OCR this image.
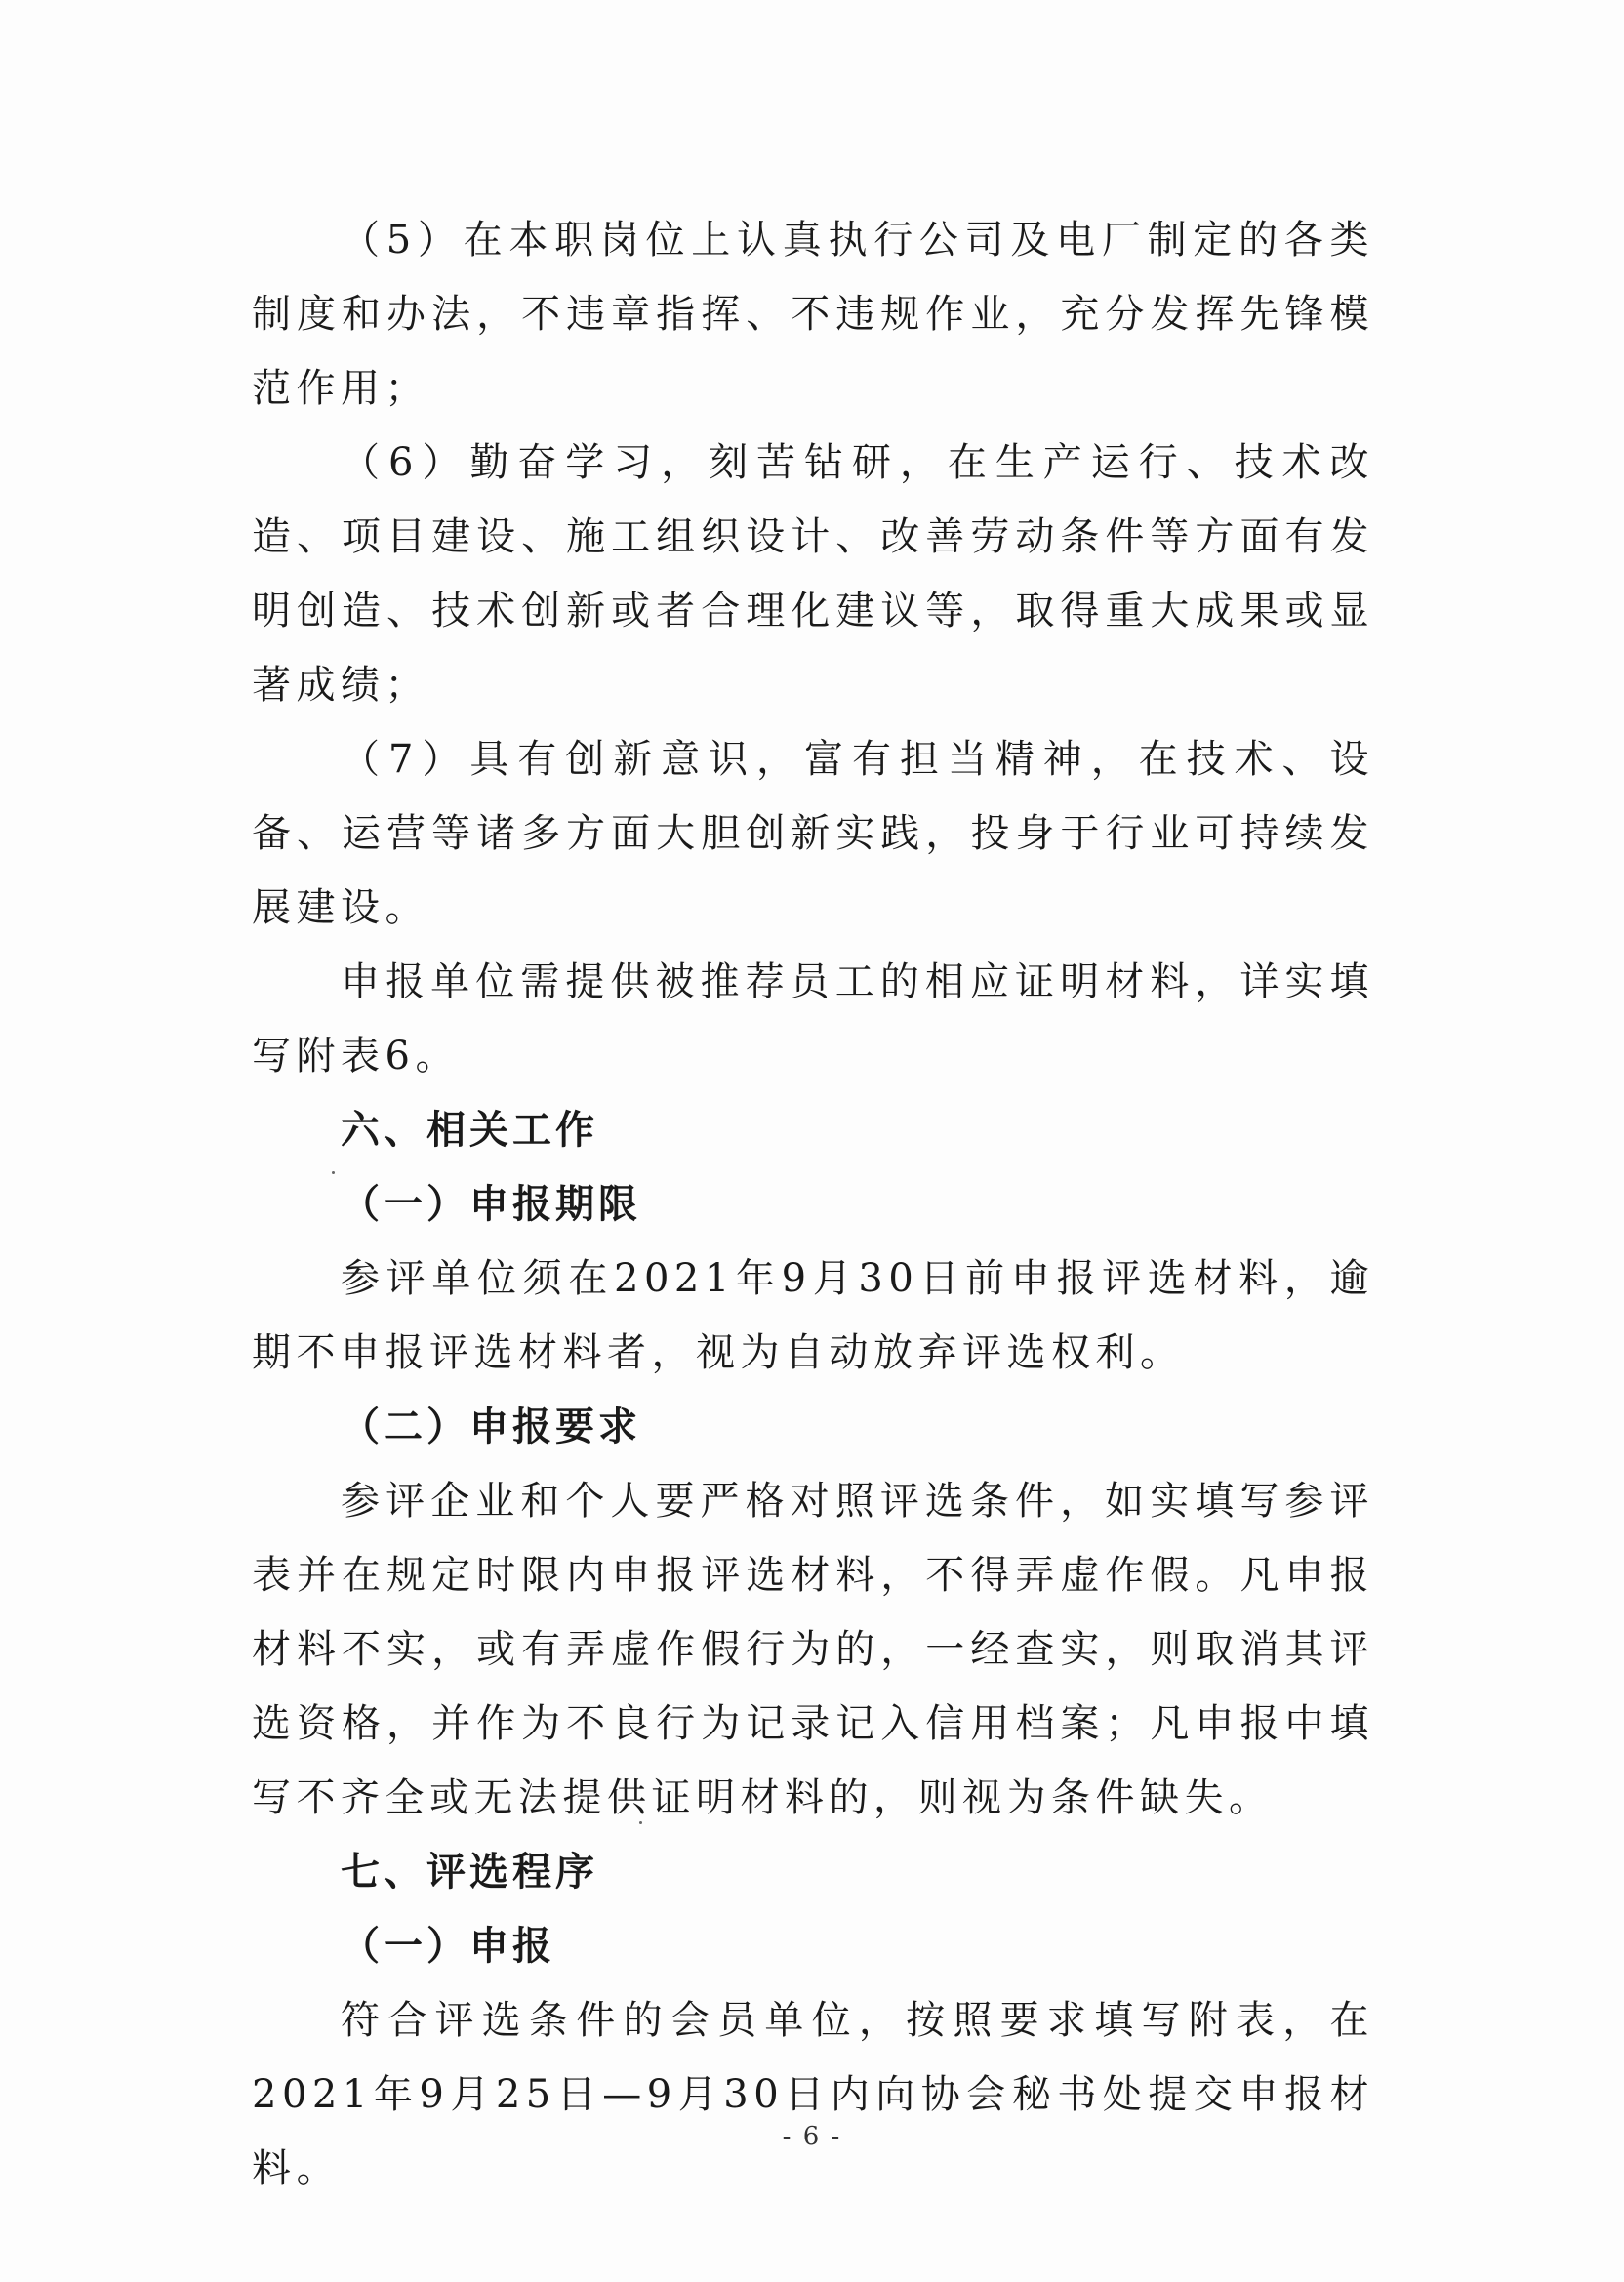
（5）在本职岗位上认真执行公司及电厂制定的各类制度和办法，不违章指挥、不违规作业，充分发挥先锋模范作用；

（6）勤奋学习，刻苦钻研，在生产运行、技术改造、项目建设、施工组织设计、改善劳动条件等方面有发明创造、技术创新或者合理化建议等，取得重大成果或显著成绩；

（7）具有创新意识，富有担当精神，在技术、设备、运营等诸多方面大胆创新实践，投身于行业可持续发展建设。

申报单位需提供被推荐员工的相应证明材料，详实填写附表6。

六、相关工作

（一）申报期限

参评单位须在2021年9月30日前申报评选材料，逾期不申报评选材料者，视为自动放弃评选权利。

（二）申报要求

参评企业和个人要严格对照评选条件，如实填写参评表并在规定时限内申报评选材料，不得弄虚作假。凡申报材料不实，或有弄虚作假行为的，一经查实，则取消其评选资格，并作为不良行为记录记入信用档案；凡申报中填写不齐全或无法提供证明材料的，则视为条件缺失。

七、评选程序

（一）申报

符合评选条件的会员单位，按照要求填写附表，在2021年9月25日—9月30日内向协会秘书处提交申报材料。

- 6 -
